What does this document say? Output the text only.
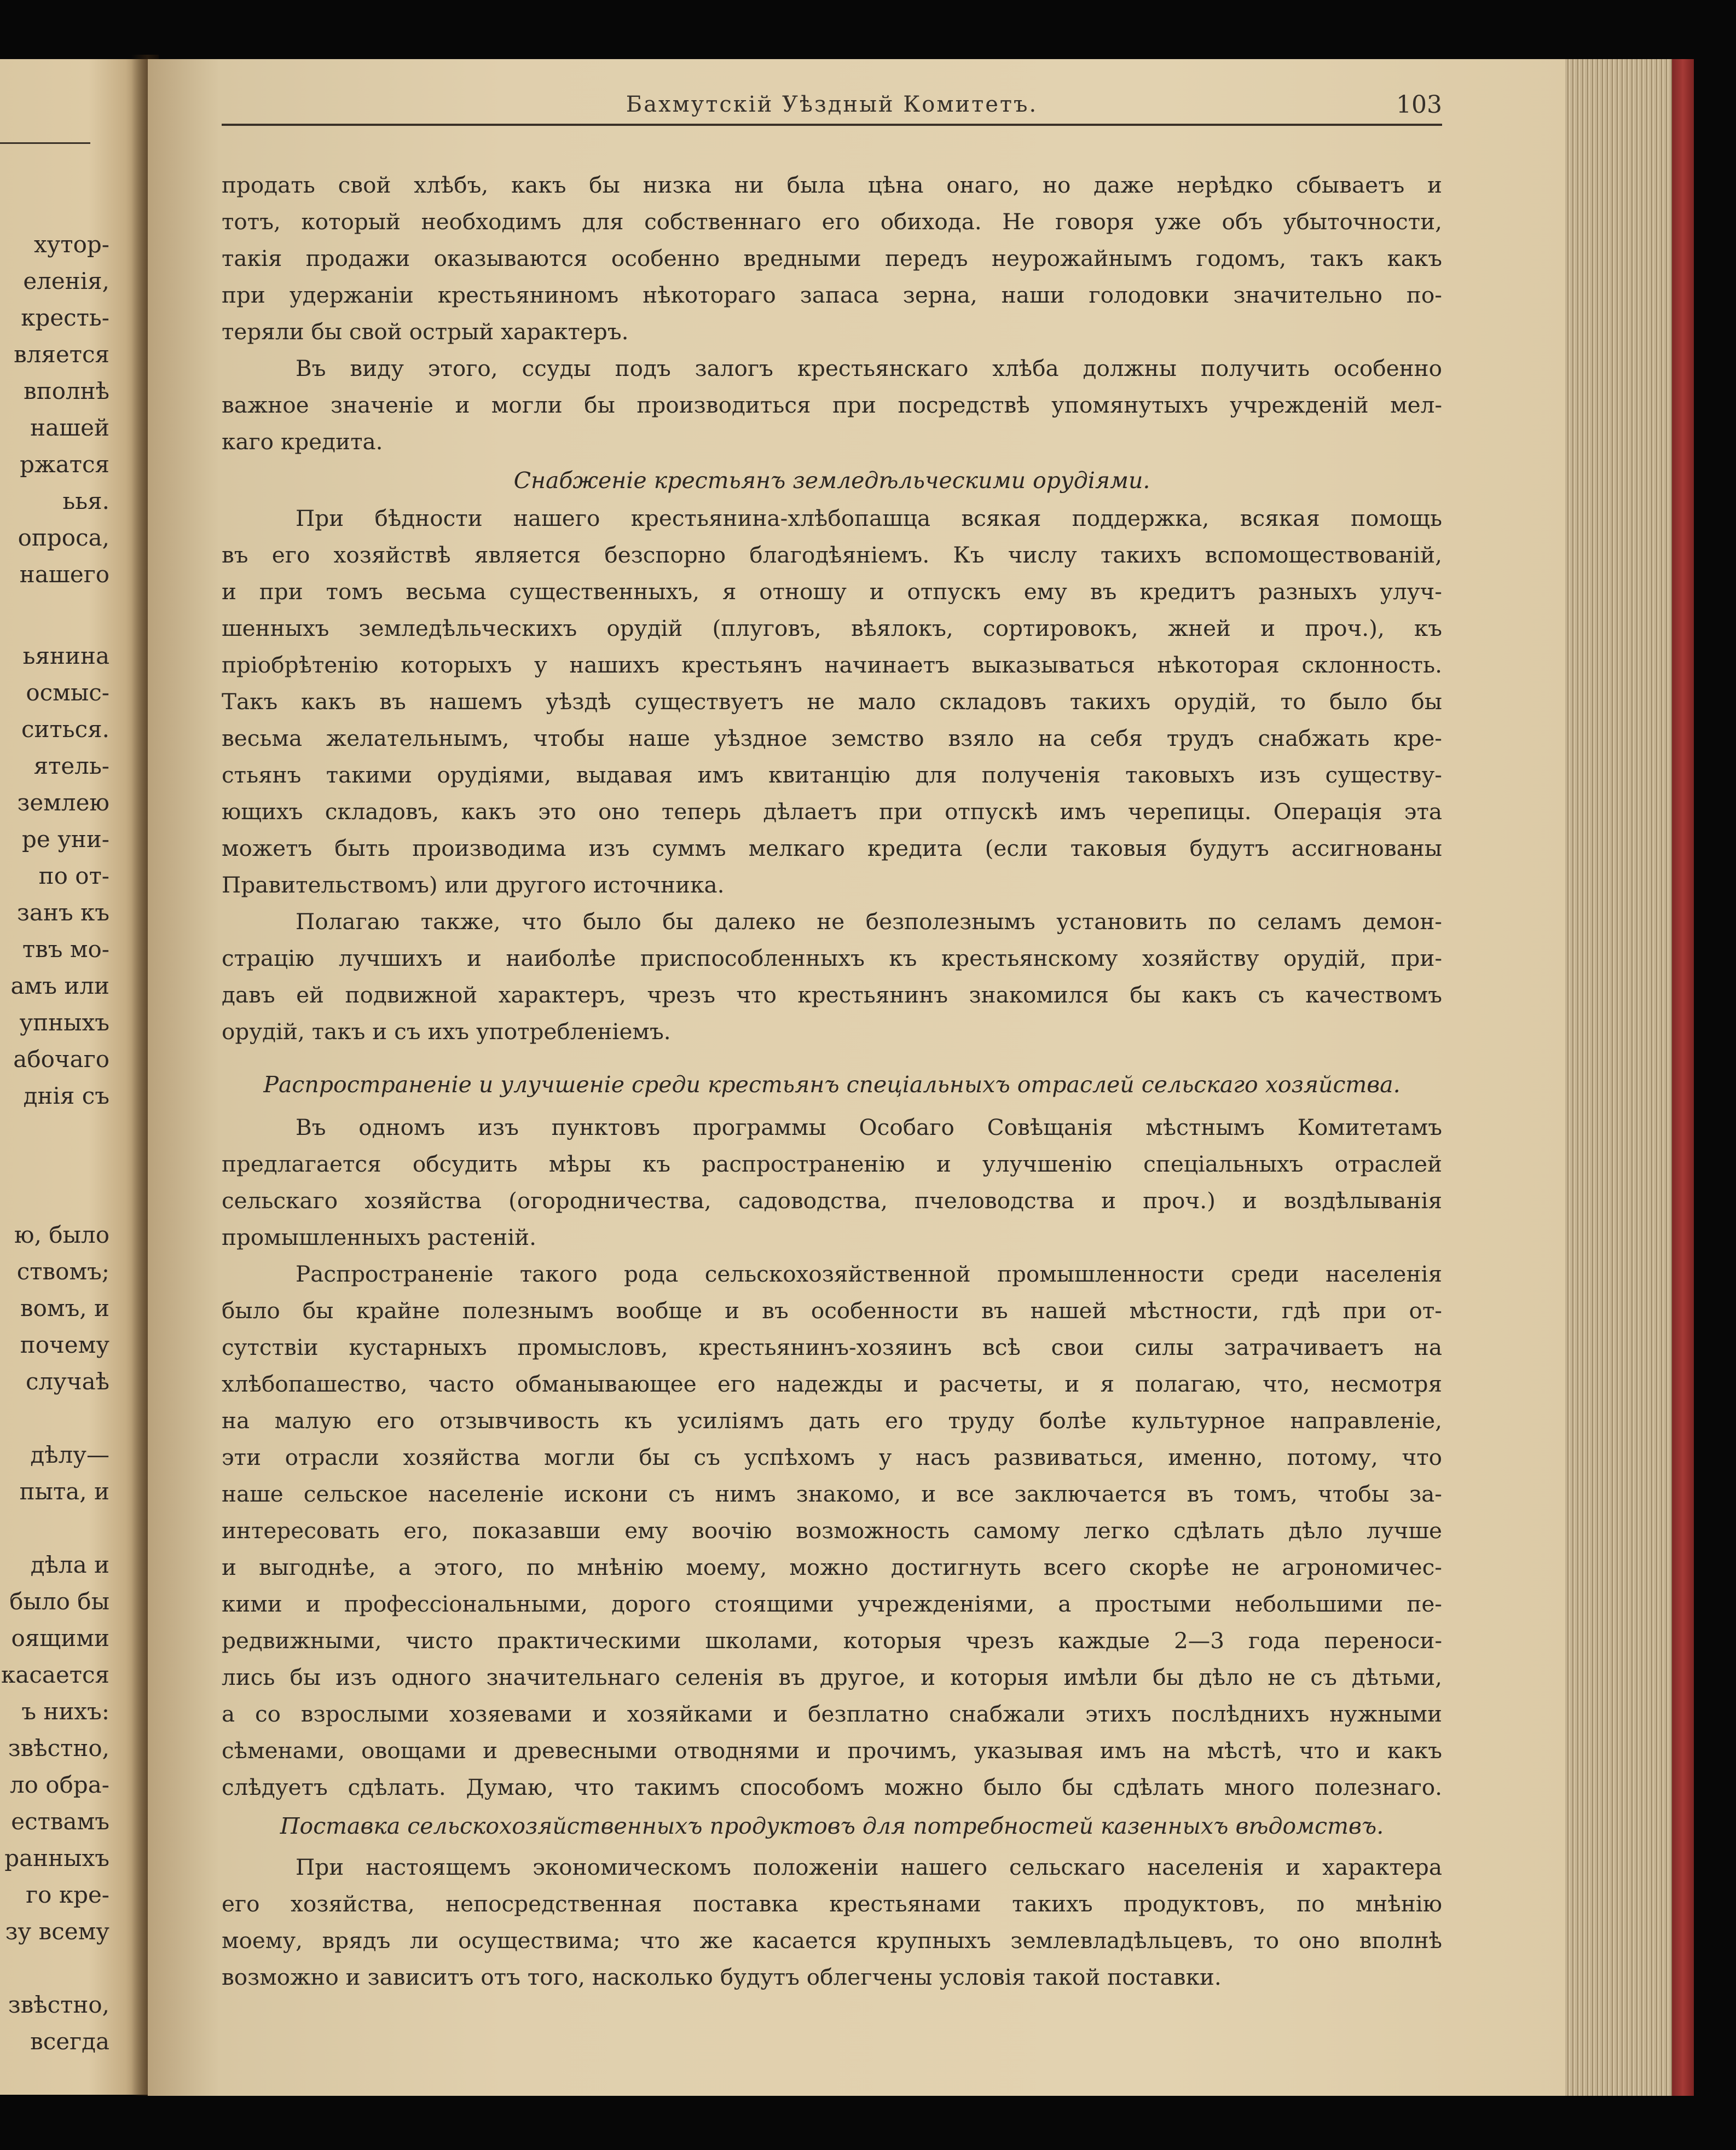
хутор-
еленія,
кресть-
вляется
вполнѣ
нашей
ржатся
ьья.
опроса,
нашего
ьянина
осмыс-
ситься.
ятель-
землею
ре уни-
по от-
занъ къ
твъ мо-
амъ или
упныхъ
абочаго
днія съ
ю, было
ствомъ;
вомъ, и
почему
случаѣ
дѣлу—
пыта, и
дѣла и
было бы
оящими
касается
ъ нихъ:
звѣстно,
ло обра-
ествамъ
ранныхъ
го кре-
зу всему
звѣстно,
всегда
Бахмутскій Уѣздный Комитетъ.	103
продать свой хлѣбъ, какъ бы низка ни была цѣна онаго, но даже нерѣдко сбываетъ и
тотъ, который необходимъ для собственнаго его обихода. Не говоря уже объ убыточности,
такія продажи оказываются особенно вредными передъ неурожайнымъ годомъ, такъ какъ
при удержаніи крестьяниномъ нѣкотораго запаса зерна, наши голодовки значительно по-
теряли бы свой острый характеръ.
Въ виду этого, ссуды подъ залогъ крестьянскаго хлѣба должны получить особенно
важное значеніе и могли бы производиться при посредствѣ упомянутыхъ учрежденій мел-
каго кредита.
Снабженіе крестьянъ земледѣльческими орудіями.
При бѣдности нашего крестьянина-хлѣбопашца всякая поддержка, всякая помощь
въ его хозяйствѣ является безспорно благодѣяніемъ. Къ числу такихъ вспомоществованій,
и при томъ весьма существенныхъ, я отношу и отпускъ ему въ кредитъ разныхъ улуч-
шенныхъ земледѣльческихъ орудій (плуговъ, вѣялокъ, сортировокъ, жней и проч.), къ
пріобрѣтенію которыхъ у нашихъ крестьянъ начинаетъ выказываться нѣкоторая склонность.
Такъ какъ въ нашемъ уѣздѣ существуетъ не мало складовъ такихъ орудій, то было бы
весьма желательнымъ, чтобы наше уѣздное земство взяло на себя трудъ снабжать кре-
стьянъ такими орудіями, выдавая имъ квитанцію для полученія таковыхъ изъ существу-
ющихъ складовъ, какъ это оно теперь дѣлаетъ при отпускѣ имъ черепицы. Операція эта
можетъ быть производима изъ суммъ мелкаго кредита (если таковыя будутъ ассигнованы
Правительствомъ) или другого источника.
Полагаю также, что было бы далеко не безполезнымъ установить по селамъ демон-
страцію лучшихъ и наиболѣе приспособленныхъ къ крестьянскому хозяйству орудій, при-
давъ ей подвижной характеръ, чрезъ что крестьянинъ знакомился бы какъ съ качествомъ
орудій, такъ и съ ихъ употребленіемъ.
Распространеніе и улучшеніе среди крестьянъ спеціальныхъ отраслей сельскаго хозяйства.
Въ одномъ изъ пунктовъ программы Особаго Совѣщанія мѣстнымъ Комитетамъ
предлагается обсудить мѣры къ распространенію и улучшенію спеціальныхъ отраслей
сельскаго хозяйства (огородничества, садоводства, пчеловодства и проч.) и воздѣлыванія
промышленныхъ растеній.
Распространеніе такого рода сельскохозяйственной промышленности среди населенія
было бы крайне полезнымъ вообще и въ особенности въ нашей мѣстности, гдѣ при от-
сутствіи кустарныхъ промысловъ, крестьянинъ-хозяинъ всѣ свои силы затрачиваетъ на
хлѣбопашество, часто обманывающее его надежды и расчеты, и я полагаю, что, несмотря
на малую его отзывчивость къ усиліямъ дать его труду болѣе культурное направленіе,
эти отрасли хозяйства могли бы съ успѣхомъ у насъ развиваться, именно, потому, что
наше сельское населеніе искони съ нимъ знакомо, и все заключается въ томъ, чтобы за-
интересовать его, показавши ему воочію возможность самому легко сдѣлать дѣло лучше
и выгоднѣе, а этого, по мнѣнію моему, можно достигнуть всего скорѣе не агрономичес-
кими и профессіональными, дорого стоящими учрежденіями, а простыми небольшими пе-
редвижными, чисто практическими школами, которыя чрезъ каждые 2—3 года переноси-
лись бы изъ одного значительнаго селенія въ другое, и которыя имѣли бы дѣло не съ дѣтьми,
а со взрослыми хозяевами и хозяйками и безплатно снабжали этихъ послѣднихъ нужными
сѣменами, овощами и древесными отводнями и прочимъ, указывая имъ на мѣстѣ, что и какъ
слѣдуетъ сдѣлать. Думаю, что такимъ способомъ можно было бы сдѣлать много полезнаго.
Поставка сельскохозяйственныхъ продуктовъ для потребностей казенныхъ вѣдомствъ.
При настоящемъ экономическомъ положеніи нашего сельскаго населенія и характера
его хозяйства, непосредственная поставка крестьянами такихъ продуктовъ, по мнѣнію
моему, врядъ ли осуществима; что же касается крупныхъ землевладѣльцевъ, то оно вполнѣ
возможно и зависитъ отъ того, насколько будутъ облегчены условія такой поставки.
